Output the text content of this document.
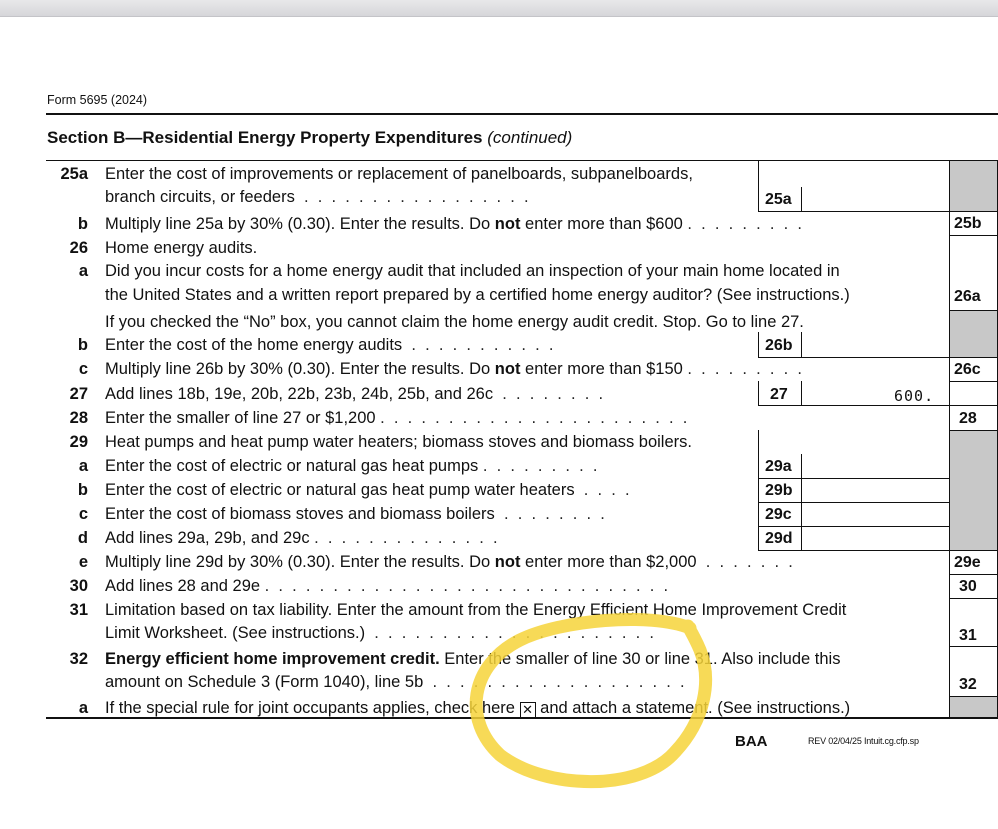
Form 5695 (2024)
Section B—Residential Energy Property Expenditures (continued)
25a Enter the cost of improvements or replacement of panelboards, subpanelboards,
branch circuits, or feeders  .  .  .  .  .  .  .  .  .  .  .  .  .  .  .  .  .	25a
b Multiply line 25a by 30% (0.30). Enter the results. Do not enter more than $600 .  .  .  .  .  .  .  .  .	25b
26 Home energy audits.
a Did you incur costs for a home energy audit that included an inspection of your main home located in
the United States and a written report prepared by a certified home energy auditor? (See instructions.)	26a
If you checked the “No” box, you cannot claim the home energy audit credit. Stop. Go to line 27.
b Enter the cost of the home energy audits  .  .  .  .  .  .  .  .  .  .  .	26b
c Multiply line 26b by 30% (0.30). Enter the results. Do not enter more than $150 .  .  .  .  .  .  .  .  .	26c
27 Add lines 18b, 19e, 20b, 22b, 23b, 24b, 25b, and 26c  .  .  .  .  .  .  .  .	27	600.
28 Enter the smaller of line 27 or $1,200 .  .  .  .  .  .  .  .  .  .  .  .  .  .  .  .  .  .  .  .  .  .  .	28
29 Heat pumps and heat pump water heaters; biomass stoves and biomass boilers.
a Enter the cost of electric or natural gas heat pumps .  .  .  .  .  .  .  .  .	29a
b Enter the cost of electric or natural gas heat pump water heaters  .  .  .  .	29b
c Enter the cost of biomass stoves and biomass boilers  .  .  .  .  .  .  .  .	29c
d Add lines 29a, 29b, and 29c .  .  .  .  .  .  .  .  .  .  .  .  .  .	29d
e Multiply line 29d by 30% (0.30). Enter the results. Do not enter more than $2,000  .  .  .  .  .  .  .	29e
30 Add lines 28 and 29e .  .  .  .  .  .  .  .  .  .  .  .  .  .  .  .  .  .  .  .  .  .  .  .  .  .  .  .  .  .	30
31 Limitation based on tax liability. Enter the amount from the Energy Efficient Home Improvement Credit
Limit Worksheet. (See instructions.)  .  .  .  .  .  .  .  .  .  .  .  .  .  .  .  .  .  .  .  .  .	31
32 Energy efficient home improvement credit. Enter the smaller of line 30 or line 31. Also include this
amount on Schedule 3 (Form 1040), line 5b  .  .  .  .  .  .  .  .  .  .  .  .  .  .  .  .  .  .  .	32
a If the special rule for joint occupants applies, check here ✕ and attach a statement. (See instructions.)
BAA	REV 02/04/25 Intuit.cg.cfp.sp
